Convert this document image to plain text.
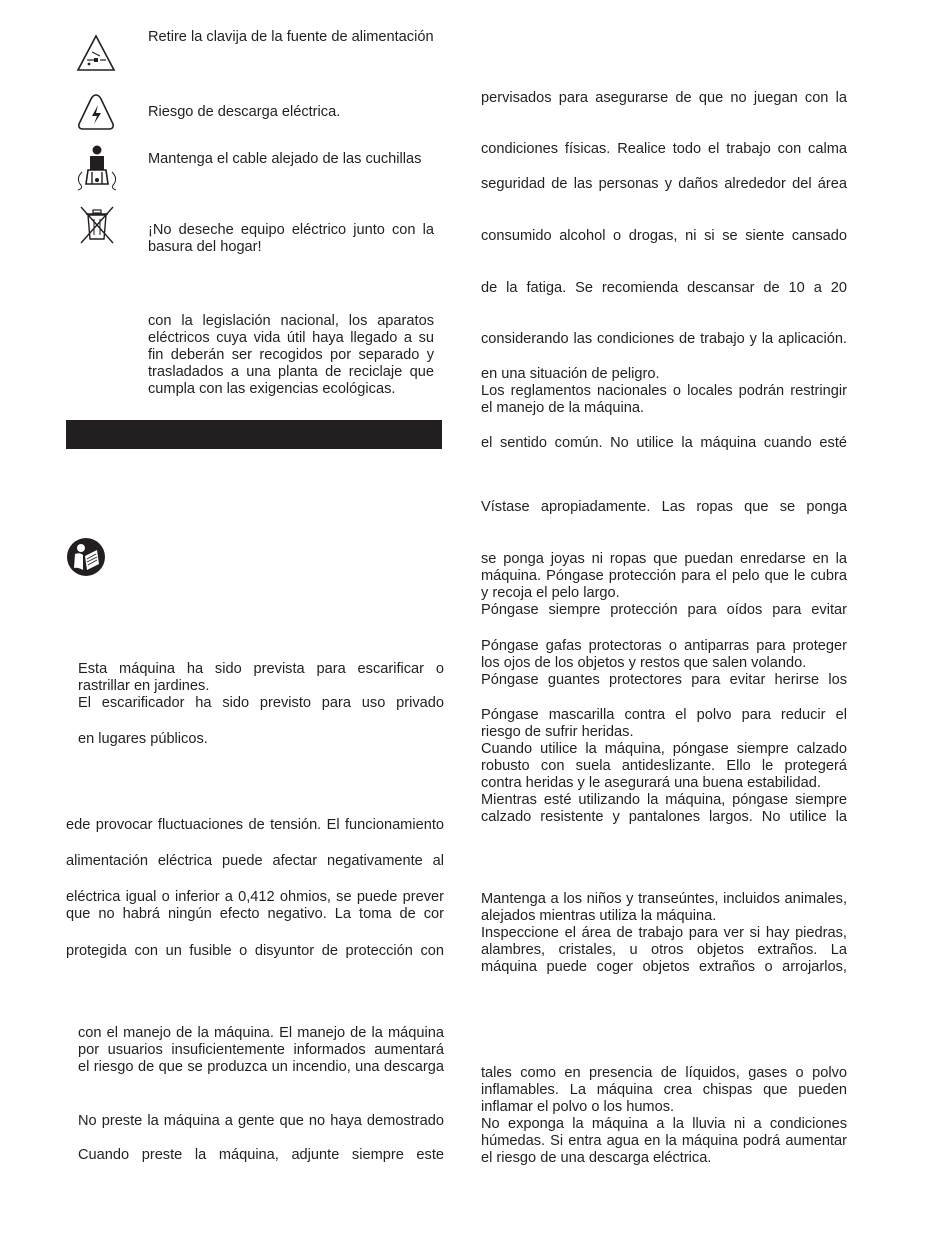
Retire la clavija de la fuente de alimentación
Riesgo de descarga eléctrica.
Mantenga el cable alejado de las cuchillas

¡No deseche equipo eléctrico junto con la

basura del hogar!

con la legislación nacional, los aparatos

eléctricos cuya vida útil haya llegado a su

fin deberán ser recogidos por separado y

trasladados a una planta de reciclaje que

cumpla con las exigencias ecológicas.

Esta máquina ha sido prevista para escarificar o

rastrillar en jardines.

El escarificador ha sido previsto para uso privado

en lugares públicos.
ede provocar fluctuaciones de tensión. El funcionamiento
alimentación eléctrica puede afectar negativamente al

eléctrica igual o inferior a 0,412 ohmios, se puede prever

que no habrá ningún efecto negativo. La toma de cor

protegida con un fusible o disyuntor de protección con

con el manejo de la máquina. El manejo de la máquina

por usuarios insuficientemente informados aumentará

el riesgo de que se produzca un incendio, una descarga

No preste la máquina a gente que no haya demostrado
Cuando preste la máquina, adjunte siempre este
pervisados para asegurarse de que no juegan con la
condiciones físicas. Realice todo el trabajo con calma
seguridad de las personas y daños alrededor del área
consumido alcohol o drogas, ni si se siente cansado
de la fatiga. Se recomienda descansar de 10 a 20
considerando las condiciones de trabajo y la aplicación.

en una situación de peligro.

Los reglamentos nacionales o locales podrán restringir

el manejo de la máquina.

el sentido común. No utilice la máquina cuando esté
Vístase apropiadamente. Las ropas que se ponga

se ponga joyas ni ropas que puedan enredarse en la

máquina. Póngase protección para el pelo que le cubra

y recoja el pelo largo.

Póngase siempre protección para oídos para evitar

Póngase gafas protectoras o antiparras para proteger

los ojos de los objetos y restos que salen volando.

Póngase guantes protectores para evitar herirse los

Póngase mascarilla contra el polvo para reducir el

riesgo de sufrir heridas.

Cuando utilice la máquina, póngase siempre calzado

robusto con suela antideslizante. Ello le protegerá

contra heridas y le asegurará una buena estabilidad.

Mientras esté utilizando la máquina, póngase siempre

calzado resistente y pantalones largos. No utilice la

Mantenga a los niños y transeúntes, incluidos animales,

alejados mientras utiliza la máquina.

Inspeccione el área de trabajo para ver si hay piedras,

alambres, cristales, u otros objetos extraños. La

máquina puede coger objetos extraños o arrojarlos,

tales como en presencia de líquidos, gases o polvo

inflamables. La máquina crea chispas que pueden

inflamar el polvo o los humos.

No exponga la máquina a la lluvia ni a condiciones

húmedas. Si entra agua en la máquina podrá aumentar

el riesgo de una descarga eléctrica.
